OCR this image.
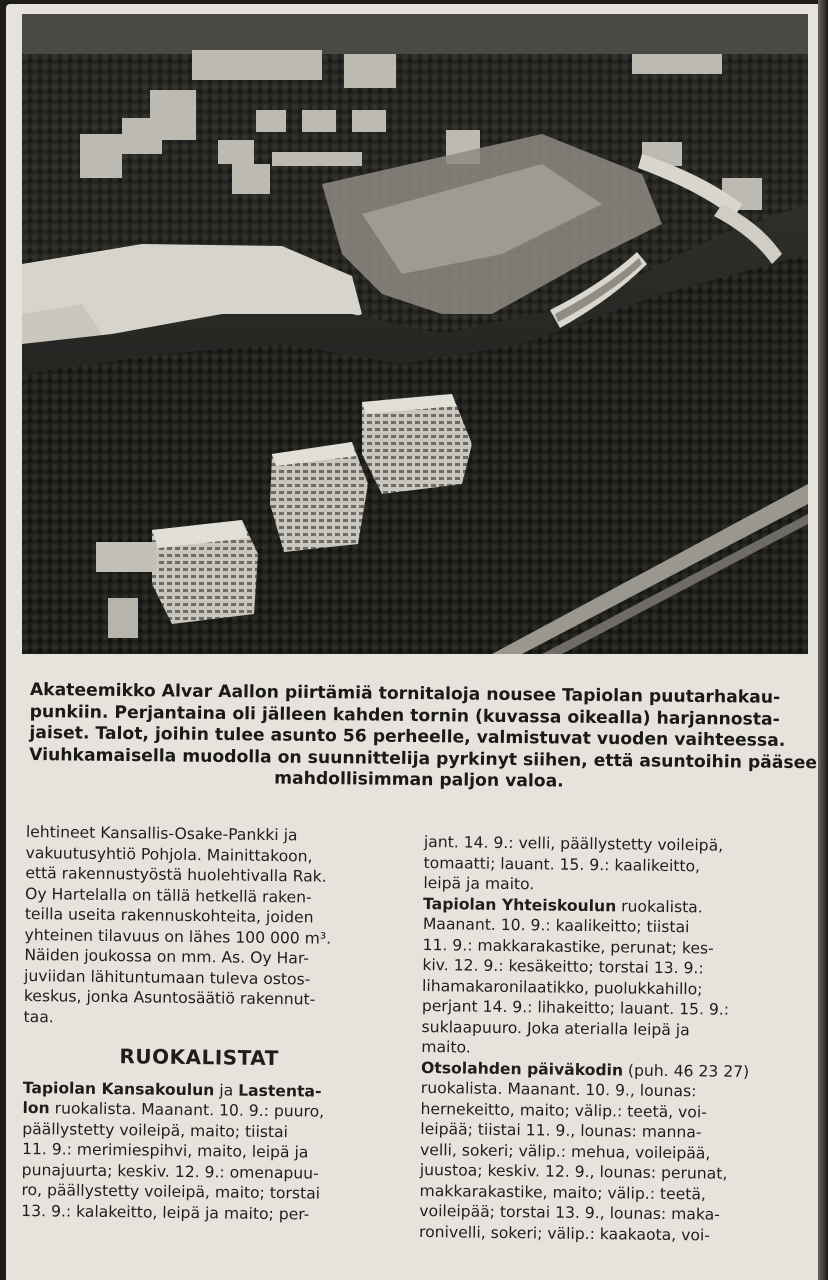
Akateemikko Alvar Aallon piirtämiä tornitaloja nousee Tapiolan puutarhakau-
punkiin. Perjantaina oli jälleen kahden tornin (kuvassa oikealla) harjannosta-
jaiset. Talot, joihin tulee asunto 56 perheelle, valmistuvat vuoden vaihteessa.
Viuhkamaisella muodolla on suunnittelija pyrkinyt siihen, että asuntoihin pääsee
mahdollisimman paljon valoa.
lehtineet Kansallis-Osake-Pankki ja
vakuutusyhtiö Pohjola. Mainittakoon,
että rakennustyöstä huolehtivalla Rak.
Oy Hartelalla on tällä hetkellä raken-
teilla useita rakennuskohteita, joiden
yhteinen tilavuus on lähes 100 000 m³.
Näiden joukossa on mm. As. Oy Har-
juviidan lähituntumaan tuleva ostos-
keskus, jonka Asuntosäätiö rakennut-
taa.
RUOKALISTAT
Tapiolan Kansakoulun ja Lastenta-
lon ruokalista. Maanant. 10. 9.: puuro,
päällystetty voileipä, maito; tiistai
11. 9.: merimiespihvi, maito, leipä ja
punajuurta; keskiv. 12. 9.: omenapuu-
ro, päällystetty voileipä, maito; torstai
13. 9.: kalakeitto, leipä ja maito; per-
jant. 14. 9.: velli, päällystetty voileipä,
tomaatti; lauant. 15. 9.: kaalikeitto,
leipä ja maito.
Tapiolan Yhteiskoulun ruokalista.
Maanant. 10. 9.: kaalikeitto; tiistai
11. 9.: makkarakastike, perunat; kes-
kiv. 12. 9.: kesäkeitto; torstai 13. 9.:
lihamakaronilaatikko, puolukkahillo;
perjant 14. 9.: lihakeitto; lauant. 15. 9.:
suklaapuuro. Joka aterialla leipä ja
maito.
Otsolahden päiväkodin (puh. 46 23 27)
ruokalista. Maanant. 10. 9., lounas:
hernekeitto, maito; välip.: teetä, voi-
leipää; tiistai 11. 9., lounas: manna-
velli, sokeri; välip.: mehua, voileipää,
juustoa; keskiv. 12. 9., lounas: perunat,
makkarakastike, maito; välip.: teetä,
voileipää; torstai 13. 9., lounas: maka-
ronivelli, sokeri; välip.: kaakaota, voi-
